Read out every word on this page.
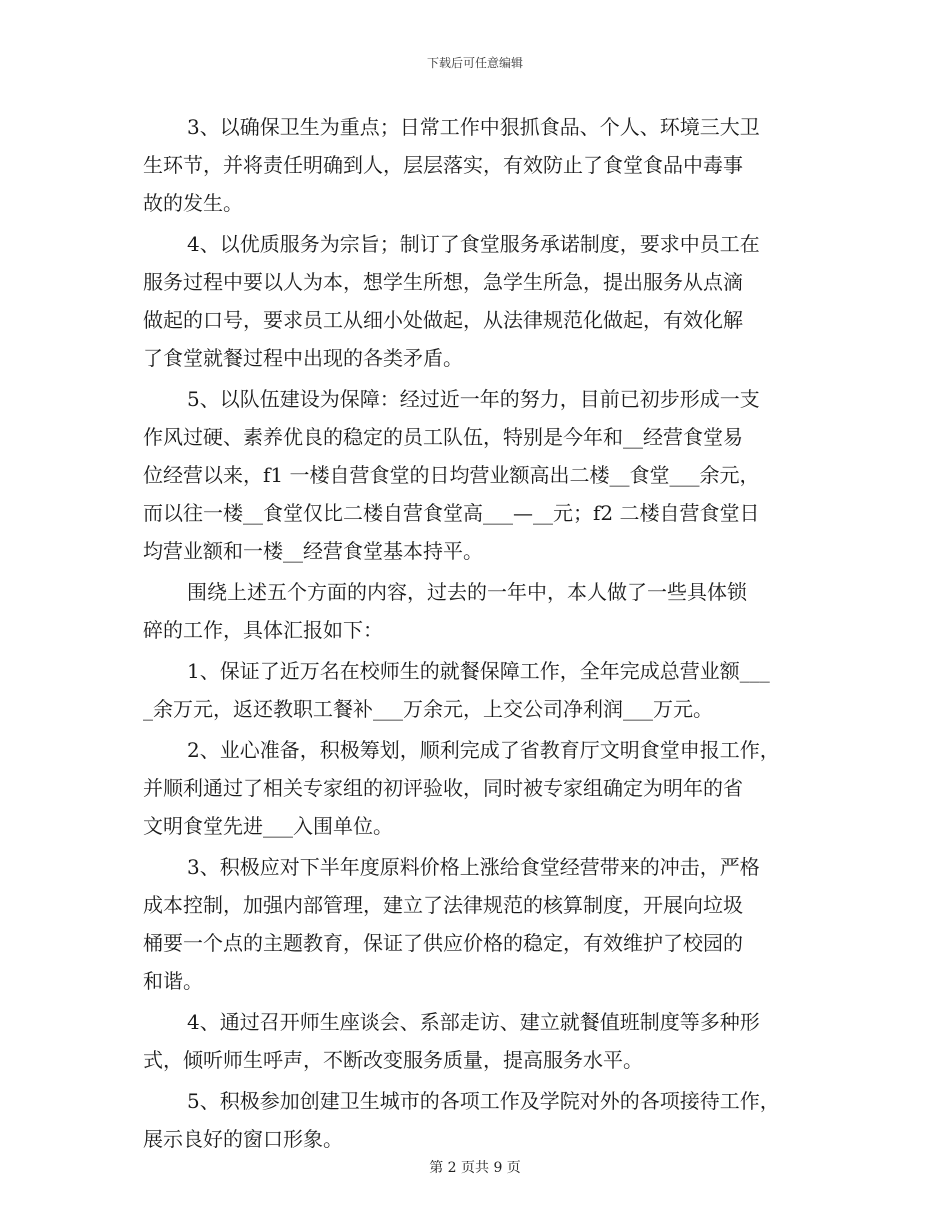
下载后可任意编辑
3、以确保卫生为重点；日常工作中狠抓食品、个人、环境三大卫
生环节，并将责任明确到人，层层落实，有效防止了食堂食品中毒事
故的发生。
4、以优质服务为宗旨；制订了食堂服务承诺制度，要求中员工在
服务过程中要以人为本，想学生所想，急学生所急，提出服务从点滴
做起的口号，要求员工从细小处做起，从法律规范化做起，有效化解
了食堂就餐过程中出现的各类矛盾。
5、以队伍建设为保障：经过近一年的努力，目前已初步形成一支
作风过硬、素养优良的稳定的员工队伍，特别是今年和__经营食堂易
位经营以来，f1 一楼自营食堂的日均营业额高出二楼__食堂___余元，
而以往一楼__食堂仅比二楼自营食堂高___—__元；f2 二楼自营食堂日
均营业额和一楼__经营食堂基本持平。
围绕上述五个方面的内容，过去的一年中，本人做了一些具体锁
碎的工作，具体汇报如下：
1、保证了近万名在校师生的就餐保障工作，全年完成总营业额___
_余万元，返还教职工餐补___万余元，上交公司净利润___万元。
2、业心准备，积极筹划，顺利完成了省教育厅文明食堂申报工作，
并顺利通过了相关专家组的初评验收，同时被专家组确定为明年的省
文明食堂先进___入围单位。
3、积极应对下半年度原料价格上涨给食堂经营带来的冲击，严格
成本控制，加强内部管理，建立了法律规范的核算制度，开展向垃圾
桶要一个点的主题教育，保证了供应价格的稳定，有效维护了校园的
和谐。
4、通过召开师生座谈会、系部走访、建立就餐值班制度等多种形
式，倾听师生呼声，不断改变服务质量，提高服务水平。
5、积极参加创建卫生城市的各项工作及学院对外的各项接待工作，
展示良好的窗口形象。
第 2 页共 9 页
